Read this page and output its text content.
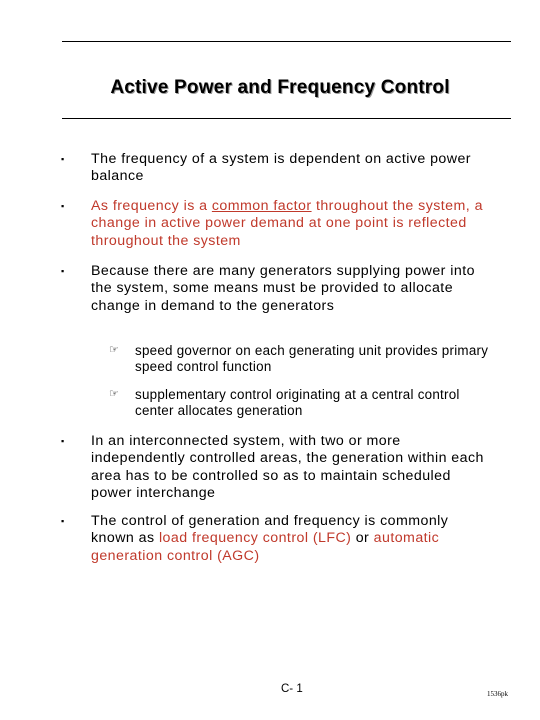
Active Power and Frequency Control
▪ The frequency of a system is dependent on active power balance
▪ As frequency is a common factor throughout the system, a change in active power demand at one point is reflected throughout the system
▪ Because there are many generators supplying power into the system, some means must be provided to allocate change in demand to the generators
☞ speed governor on each generating unit provides primary speed control function
☞ supplementary control originating at a central control center allocates generation
▪ In an interconnected system, with two or more independently controlled areas, the generation within each area has to be controlled so as to maintain scheduled power interchange
▪ The control of generation and frequency is commonly known as load frequency control (LFC) or automatic generation control (AGC)
C- 1	1536pk
